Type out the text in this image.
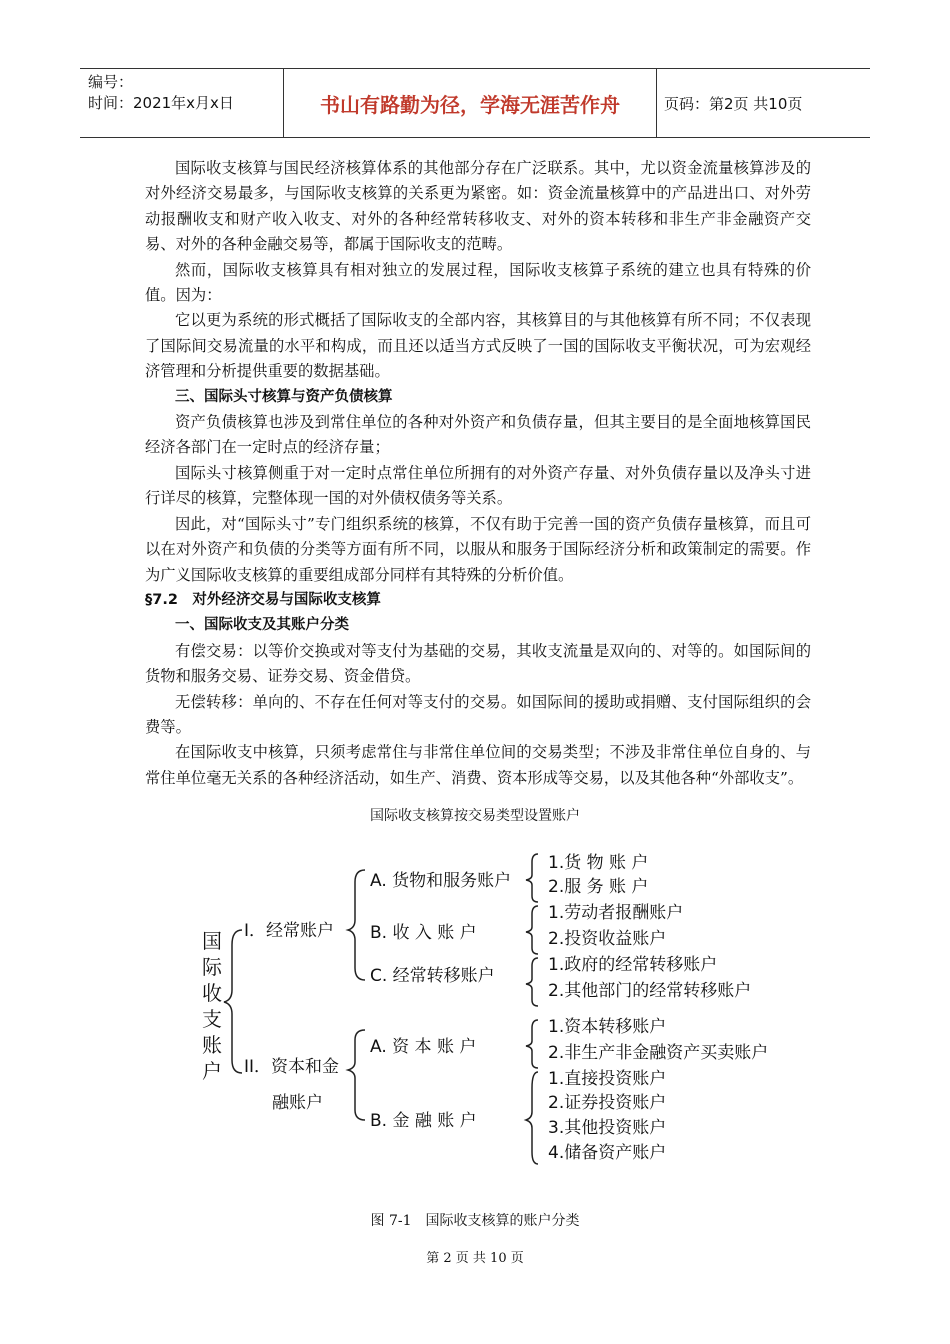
编号：
时间：2021年x月x日	书山有路勤为径，学海无涯苦作舟	页码：第2页 共10页

国际收支核算与国民经济核算体系的其他部分存在广泛联系。其中，尤以资金流量核算涉及的对外经济交易最多，与国际收支核算的关系更为紧密。如：资金流量核算中的产品进出口、对外劳动报酬收支和财产收入收支、对外的各种经常转移收支、对外的资本转移和非生产非金融资产交易、对外的各种金融交易等，都属于国际收支的范畴。

然而，国际收支核算具有相对独立的发展过程，国际收支核算子系统的建立也具有特殊的价值。因为：

它以更为系统的形式概括了国际收支的全部内容，其核算目的与其他核算有所不同；不仅表现了国际间交易流量的水平和构成，而且还以适当方式反映了一国的国际收支平衡状况，可为宏观经济管理和分析提供重要的数据基础。

三、国际头寸核算与资产负债核算

资产负债核算也涉及到常住单位的各种对外资产和负债存量，但其主要目的是全面地核算国民经济各部门在一定时点的经济存量；

国际头寸核算侧重于对一定时点常住单位所拥有的对外资产存量、对外负债存量以及净头寸进行详尽的核算，完整体现一国的对外债权债务等关系。

因此，对“国际头寸”专门组织系统的核算，不仅有助于完善一国的资产负债存量核算，而且可以在对外资产和负债的分类等方面有所不同，以服从和服务于国际经济分析和政策制定的需要。作为广义国际收支核算的重要组成部分同样有其特殊的分析价值。

§7.2　对外经济交易与国际收支核算

一、国际收支及其账户分类

有偿交易：以等价交换或对等支付为基础的交易，其收支流量是双向的、对等的。如国际间的货物和服务交易、证券交易、资金借贷。

无偿转移：单向的、不存在任何对等支付的交易。如国际间的援助或捐赠、支付国际组织的会费等。

在国际收支中核算，只须考虑常住与非常住单位间的交易类型；不涉及非常住单位自身的、与常住单位毫无关系的各种经济活动，如生产、消费、资本形成等交易，以及其他各种“外部收支”。

国际收支核算按交易类型设置账户
国
际
收
支
账
户
I．经常账户
II．资本和金
融账户
A. 货物和服务账户
B. 收 入 账 户
C. 经常转移账户
A. 资 本 账 户
B. 金 融 账 户
1.货 物 账 户
2.服 务 账 户
1.劳动者报酬账户
2.投资收益账户
1.政府的经常转移账户
2.其他部门的经常转移账户
1.资本转移账户
2.非生产非金融资产买卖账户
1.直接投资账户
2.证券投资账户
3.其他投资账户
4.储备资产账户
图 7-1　国际收支核算的账户分类
第 2 页 共 10 页
